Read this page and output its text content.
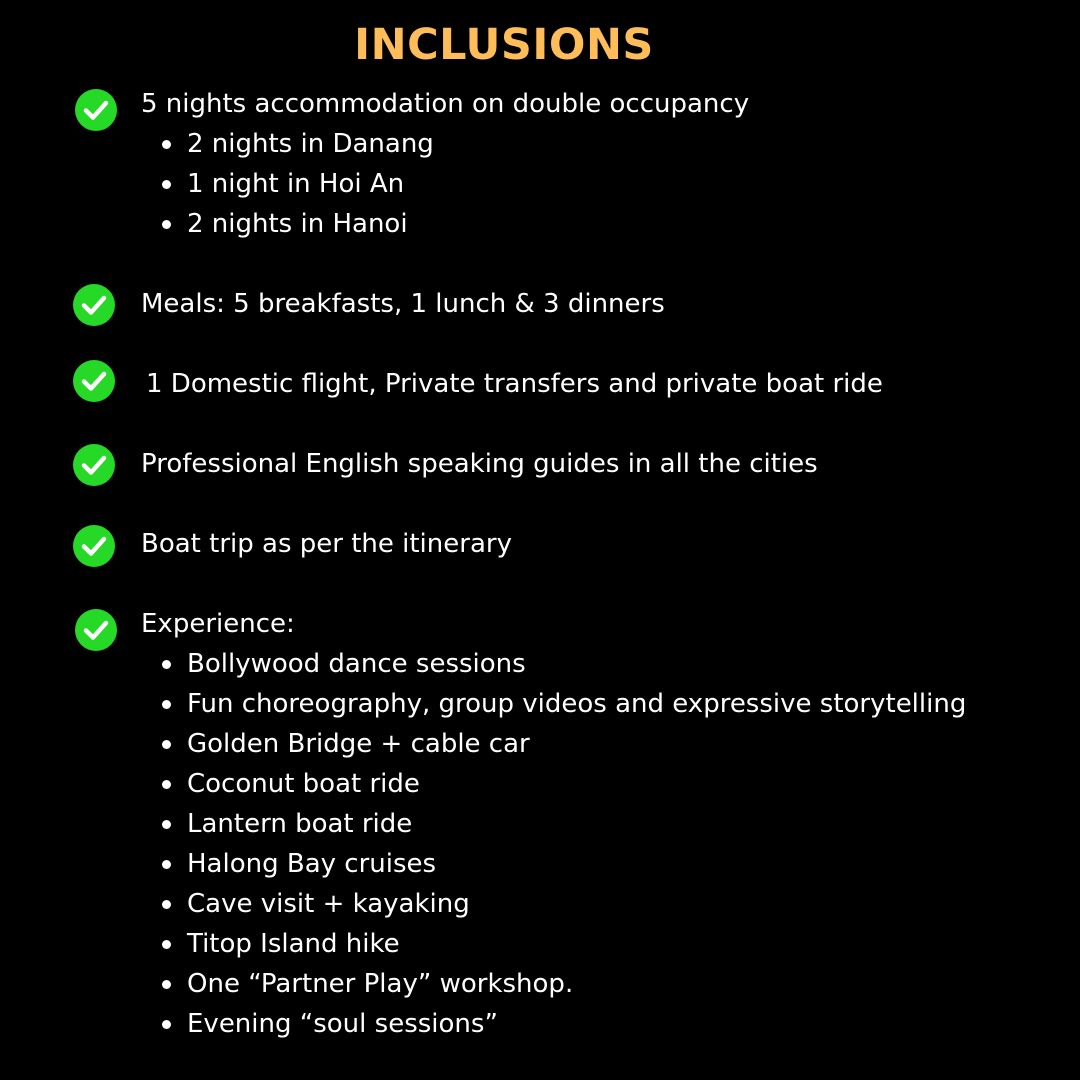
INCLUSIONS
5 nights accommodation on double occupancy
2 nights in Danang
1 night in Hoi An
2 nights in Hanoi
Meals: 5 breakfasts, 1 lunch & 3 dinners
1 Domestic flight, Private transfers and private boat ride
Professional English speaking guides in all the cities
Boat trip as per the itinerary
Experience:
Bollywood dance sessions
Fun choreography, group videos and expressive storytelling
Golden Bridge + cable car
Coconut boat ride
Lantern boat ride
Halong Bay cruises
Cave visit + kayaking
Titop Island hike
One “Partner Play” workshop.
Evening “soul sessions”
